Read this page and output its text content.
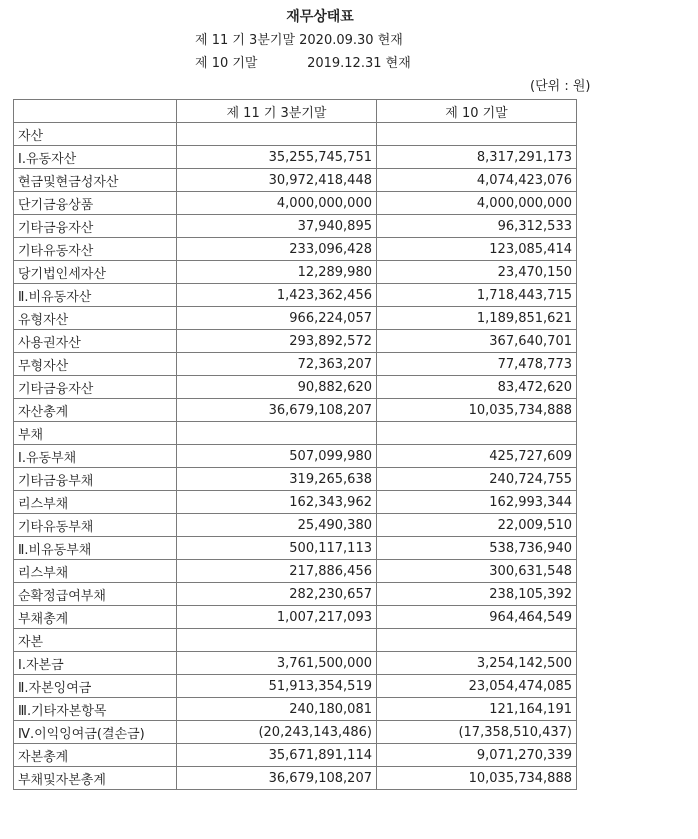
재무상태표
제 11 기 3분기말 2020.09.30 현재
제 10 기말            2019.12.31 현재
(단위 : 원)
	제 11 기 3분기말	제 10 기말
자산		
Ⅰ.유동자산	35,255,745,751	8,317,291,173
현금및현금성자산	30,972,418,448	4,074,423,076
단기금융상품	4,000,000,000	4,000,000,000
기타금융자산	37,940,895	96,312,533
기타유동자산	233,096,428	123,085,414
당기법인세자산	12,289,980	23,470,150
Ⅱ.비유동자산	1,423,362,456	1,718,443,715
유형자산	966,224,057	1,189,851,621
사용권자산	293,892,572	367,640,701
무형자산	72,363,207	77,478,773
기타금융자산	90,882,620	83,472,620
자산총계	36,679,108,207	10,035,734,888
부채		
Ⅰ.유동부채	507,099,980	425,727,609
기타금융부채	319,265,638	240,724,755
리스부채	162,343,962	162,993,344
기타유동부채	25,490,380	22,009,510
Ⅱ.비유동부채	500,117,113	538,736,940
리스부채	217,886,456	300,631,548
순확정급여부채	282,230,657	238,105,392
부채총계	1,007,217,093	964,464,549
자본		
Ⅰ.자본금	3,761,500,000	3,254,142,500
Ⅱ.자본잉여금	51,913,354,519	23,054,474,085
Ⅲ.기타자본항목	240,180,081	121,164,191
Ⅳ.이익잉여금(결손금)	(20,243,143,486)	(17,358,510,437)
자본총계	35,671,891,114	9,071,270,339
부채및자본총계	36,679,108,207	10,035,734,888
